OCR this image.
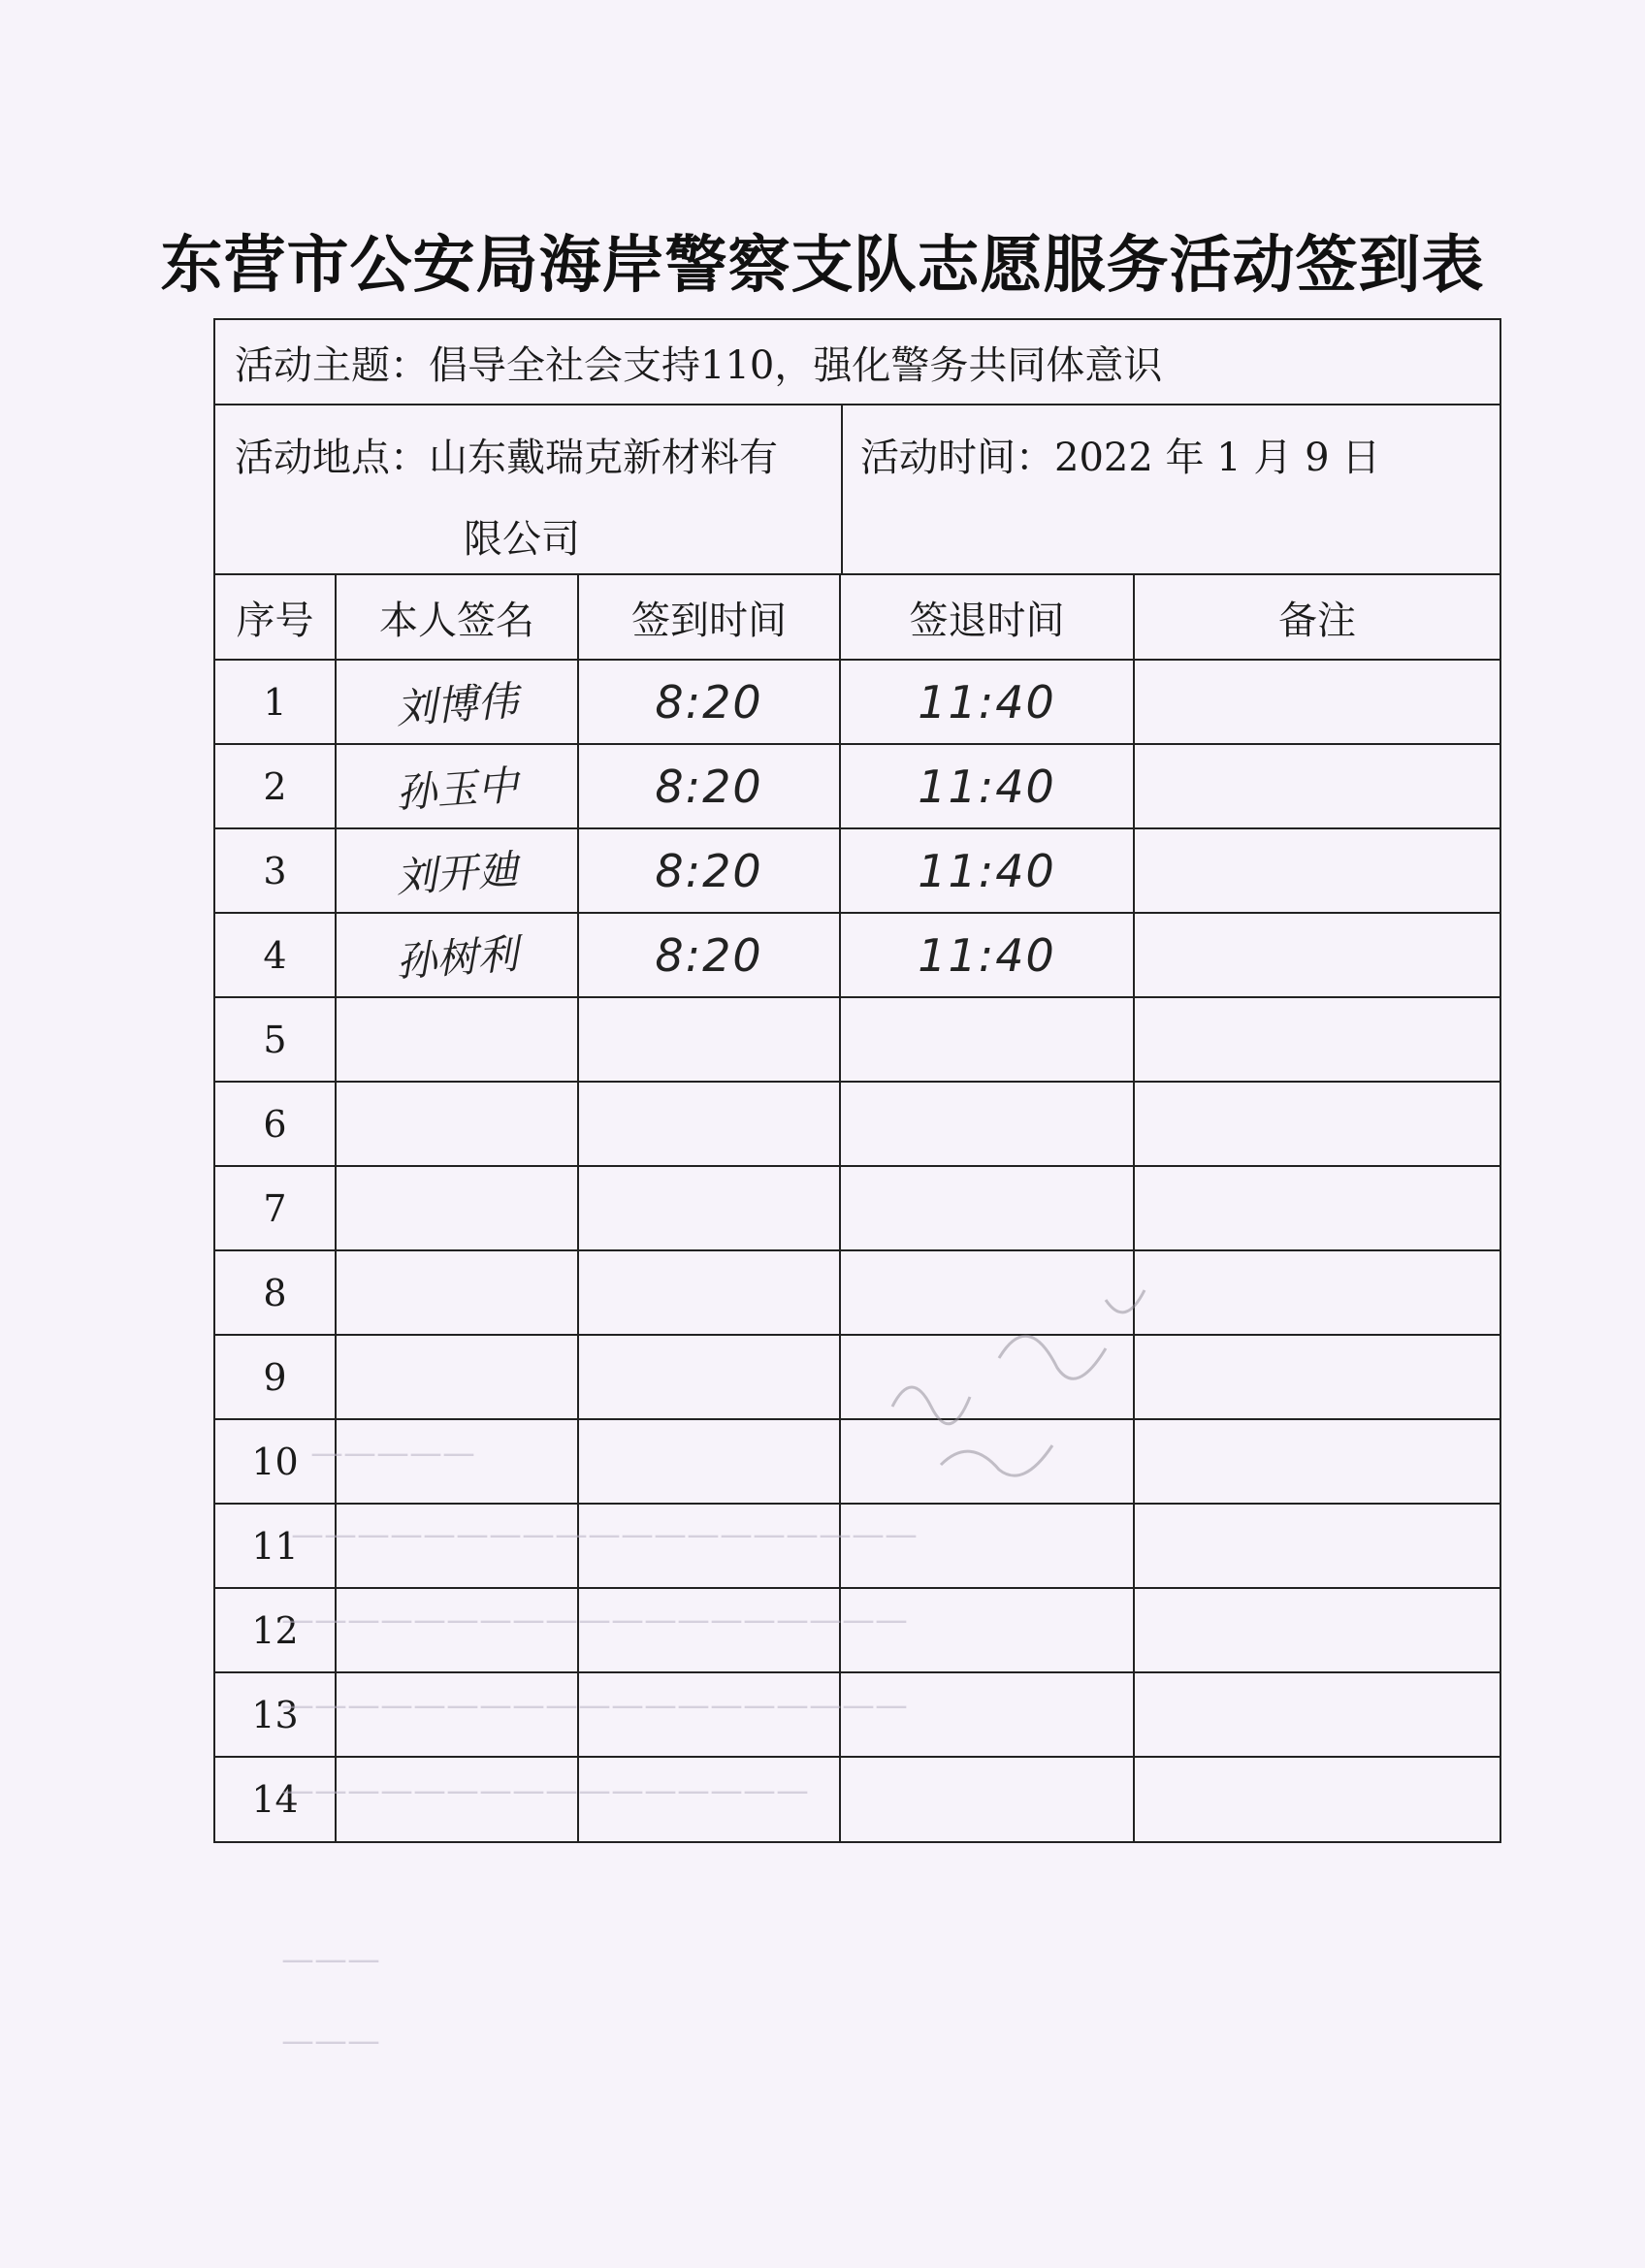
东营市公安局海岸警察支队志愿服务活动签到表
活动主题：倡导全社会支持110，强化警务共同体意识
活动地点：山东戴瑞克新材料有
限公司
活动时间：2022 年 1 月 9 日
序号	本人签名	签到时间	签退时间	备注
1	刘博伟	8:20	11:40	
2	孙玉中	8:20	11:40	
3	刘开廸	8:20	11:40	
4	孙树利	8:20	11:40	
5				
6				
7				
8				
9				
10				
11				
12				
13				
14				
—————
———————————————————
———————————————————
———————————————————
————————————————
———
———
